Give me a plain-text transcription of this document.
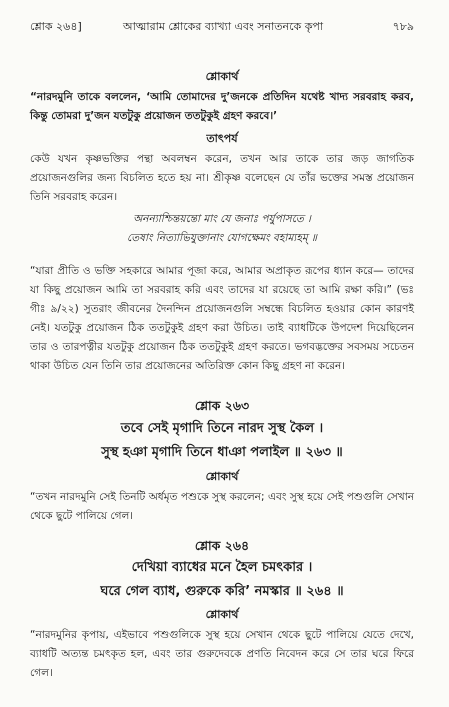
শ্লোক ২৬৪]	আত্মারাম শ্লোকের ব্যাখ্যা এবং সনাতনকে কৃপা	৭৮৯
শ্লোকার্থ
“নারদমুনি তাকে বললেন, ‘আমি তোমাদের দু’জনকে প্রতিদিন যথেষ্ট খাদ্য সরবরাহ করব, কিন্তু তোমরা দু’জন যতটুকু প্রয়োজন ততটুকুই গ্রহণ করবে।’
তাৎপর্য
কেউ যখন কৃষ্ণভক্তির পন্থা অবলম্বন করেন, তখন আর তাকে তার জড় জাগতিক প্রয়োজনগুলির জন্য বিচলিত হতে হয় না। শ্রীকৃষ্ণ বলেছেন যে তাঁর ভক্তের সমস্ত প্রয়োজন তিনি সরবরাহ করেন।
অনন্যাশ্চিন্তয়ন্তো মাং যে জনাঃ পর্যুপাসতে ।
তেষাং নিত্যাভিযুক্তানাং যোগক্ষেমং বহাম্যহম্ ॥
“যারা প্রীতি ও ভক্তি সহকারে আমার পূজা করে, আমার অপ্রাকৃত রূপের ধ্যান করে— তাদের যা কিছু প্রয়োজন আমি তা সরবরাহ করি এবং তাদের যা রয়েছে তা আমি রক্ষা করি।” (ভঃ গীঃ ৯/২২) সুতরাং জীবনের দৈনন্দিন প্রয়োজনগুলি সম্বন্ধে বিচলিত হওয়ার কোন কারণই নেই। যতটুকু প্রয়োজন ঠিক ততটুকুই গ্রহণ করা উচিত। তাই ব্যাধটিকে উপদেশ দিয়েছিলেন তার ও তারপত্নীর যতটুকু প্রয়োজন ঠিক ততটুকুই গ্রহণ করতে। ভগবদ্ভক্তের সবসময় সচেতন থাকা উচিত যেন তিনি তার প্রয়োজনের অতিরিক্ত কোন কিছু গ্রহণ না করেন।
শ্লোক ২৬৩
তবে সেই মৃগাদি তিনে নারদ সুস্থ কৈল ।
সুস্থ হঞা মৃগাদি তিনে ধাঞা পলাইল ॥ ২৬৩ ॥
শ্লোকার্থ
“তখন নারদমুনি সেই তিনটি অর্ধমৃত পশুকে সুস্থ করলেন; এবং সুস্থ হয়ে সেই পশুগুলি সেখান থেকে ছুটে পালিয়ে গেল।
শ্লোক ২৬৪
দেখিয়া ব্যাধের মনে হৈল চমৎকার ।
ঘরে গেল ব্যাধ, গুরুকে করি’ নমস্কার ॥ ২৬৪ ॥
শ্লোকার্থ
“নারদমুনির কৃপায়, এইভাবে পশুগুলিকে সুস্থ হয়ে সেখান থেকে ছুটে পালিয়ে যেতে দেখে, ব্যাধটি অত্যন্ত চমৎকৃত হল, এবং তার গুরুদেবকে প্রণতি নিবেদন করে সে তার ঘরে ফিরে গেল।
